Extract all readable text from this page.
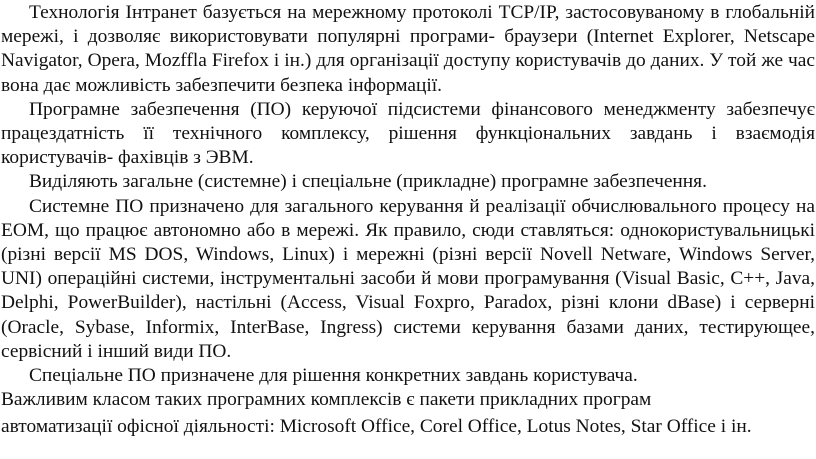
Технологія Інтранет базується на мережному протоколі TCP/IP, застосовуваному в глобальній мережі, і дозволяє використовувати популярні програми- браузери (Internet Explorer, Netscape Navigator, Opera, Mozffla Firefox і ін.) для організації доступу користувачів до даних. У той же час вона дає можливість забезпечити безпека інформації.

Програмне забезпечення (ПО) керуючої підсистеми фінансового менеджменту забезпечує працездатність її технічного комплексу, рішення функціональних завдань і взаємодія користувачів- фахівців з ЭВМ.

Виділяють загальне (системне) і спеціальне (прикладне) програмне забезпечення.

Системне ПО призначено для загального керування й реалізації обчислювального процесу на ЕОМ, що працює автономно або в мережі. Як правило, сюди ставляться: однокористувальницькі (різні версії MS DOS, Windows, Linux) і мережні (різні версії Novell Netware, Windows Server, UNI) операційні системи, інструментальні засоби й мови програмування (Visual Basic, C++, Java, Delphi, PowerBuilder), настільні (Access, Visual Foxpro, Paradox, різні клони dBase) і серверні (Oracle, Sybase, Informix, InterBase, Ingress) системи керування базами даних, тестирующее, сервісний і інший види ПО.

Спеціальне ПО призначене для рішення конкретних завдань користувача.

Важливим класом таких програмних комплексів є пакети прикладних програм

автоматизації офісної діяльності: Microsoft Office, Corel Office, Lotus Notes, Star Office і ін.
